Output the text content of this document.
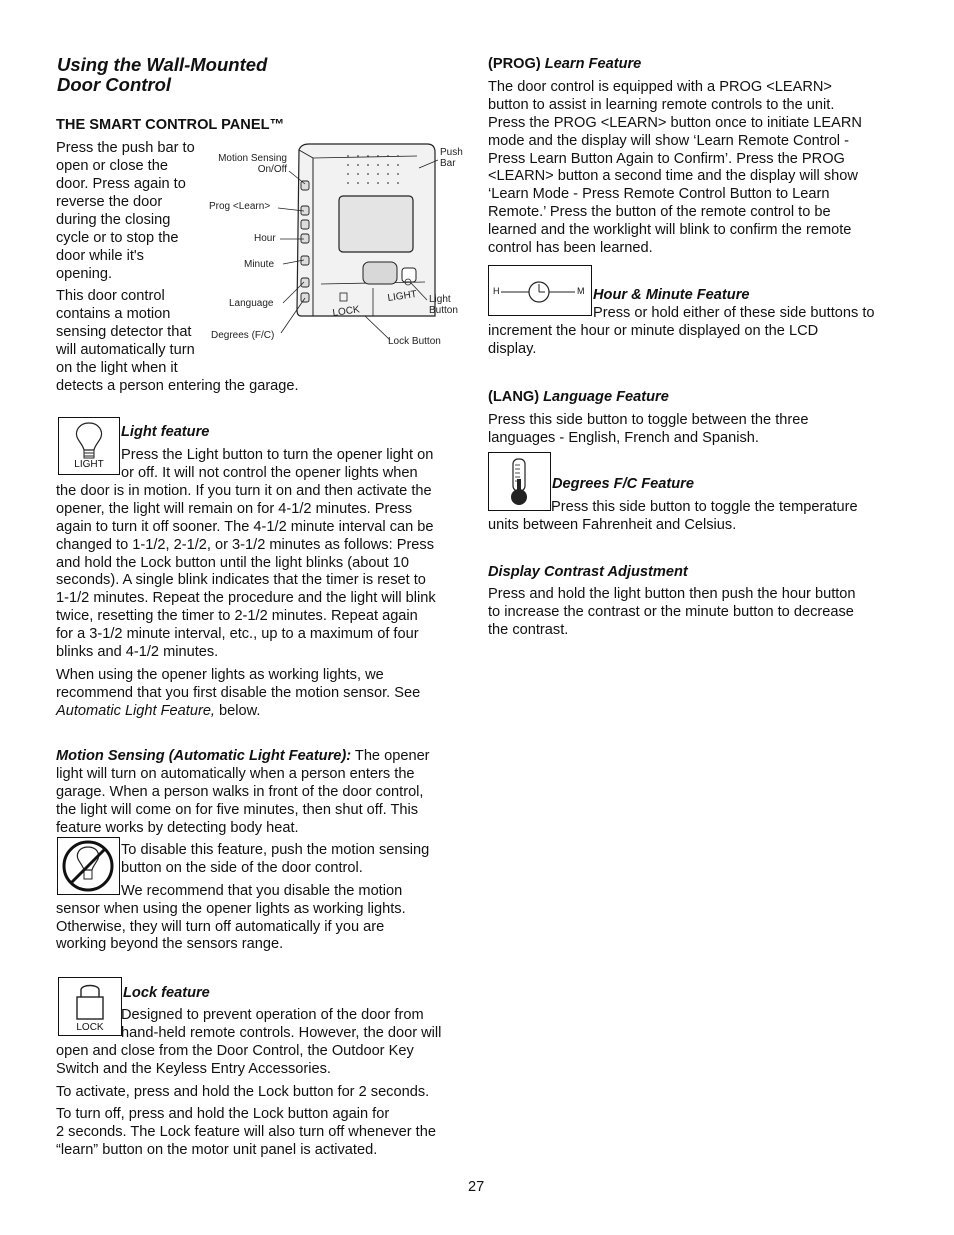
Using the Wall-Mounted
Door Control
THE SMART CONTROL PANEL™
Press the push bar to
open or close the
door. Press again to
reverse the door
during the closing
cycle or to stop the
door while it's
opening.
This door control
contains a motion
sensing detector that
will automatically turn
on the light when it
detects a person entering the garage.
LOCK
LIGHT
Motion Sensing
On/Off
Prog <Learn>
Hour
Minute
Language
Degrees (F/C)
Push
Bar
Light
Button
Lock Button
LIGHT
Light feature
Press the Light button to turn the opener light on
or off. It will not control the opener lights when
the door is in motion. If you turn it on and then activate the
opener, the light will remain on for 4-1/2 minutes. Press
again to turn it off sooner. The 4-1/2 minute interval can be
changed to 1-1/2, 2-1/2, or 3-1/2 minutes as follows: Press
and hold the Lock button until the light blinks (about 10
seconds). A single blink indicates that the timer is reset to
1-1/2 minutes. Repeat the procedure and the light will blink
twice, resetting the timer to 2-1/2 minutes. Repeat again
for a 3-1/2 minute interval, etc., up to a maximum of four
blinks and 4-1/2 minutes.
When using the opener lights as working lights, we
recommend that you first disable the motion sensor. See
Automatic Light Feature, below.
Motion Sensing (Automatic Light Feature): The opener
light will turn on automatically when a person enters the
garage. When a person walks in front of the door control,
the light will come on for five minutes, then shut off. This
feature works by detecting body heat.
To disable this feature, push the motion sensing
button on the side of the door control.
We recommend that you disable the motion
sensor when using the opener lights as working lights.
Otherwise, they will turn off automatically if you are
working beyond the sensors range.
LOCK
Lock feature
Designed to prevent operation of the door from
hand-held remote controls. However, the door will
open and close from the Door Control, the Outdoor Key
Switch and the Keyless Entry Accessories.
To activate, press and hold the Lock button for 2 seconds.
To turn off, press and hold the Lock button again for
2 seconds. The Lock feature will also turn off whenever the
“learn” button on the motor unit panel is activated.
(PROG) Learn Feature
The door control is equipped with a PROG <LEARN>
button to assist in learning remote controls to the unit.
Press the PROG <LEARN> button once to initiate LEARN
mode and the display will show ‘Learn Remote Control -
Press Learn Button Again to Confirm’. Press the PROG
<LEARN> button a second time and the display will show
‘Learn Mode - Press Remote Control Button to Learn
Remote.’ Press the button of the remote control to be
learned and the worklight will blink to confirm the remote
control has been learned.
H	M Hour & Minute Feature
Press or hold either of these side buttons to
increment the hour or minute displayed on the LCD
display.
(LANG) Language Feature
Press this side button to toggle between the three
languages - English, French and Spanish.
Degrees F/C Feature
Press this side button to toggle the temperature
units between Fahrenheit and Celsius.
Display Contrast Adjustment
Press and hold the light button then push the hour button
to increase the contrast or the minute button to decrease
the contrast.
27
